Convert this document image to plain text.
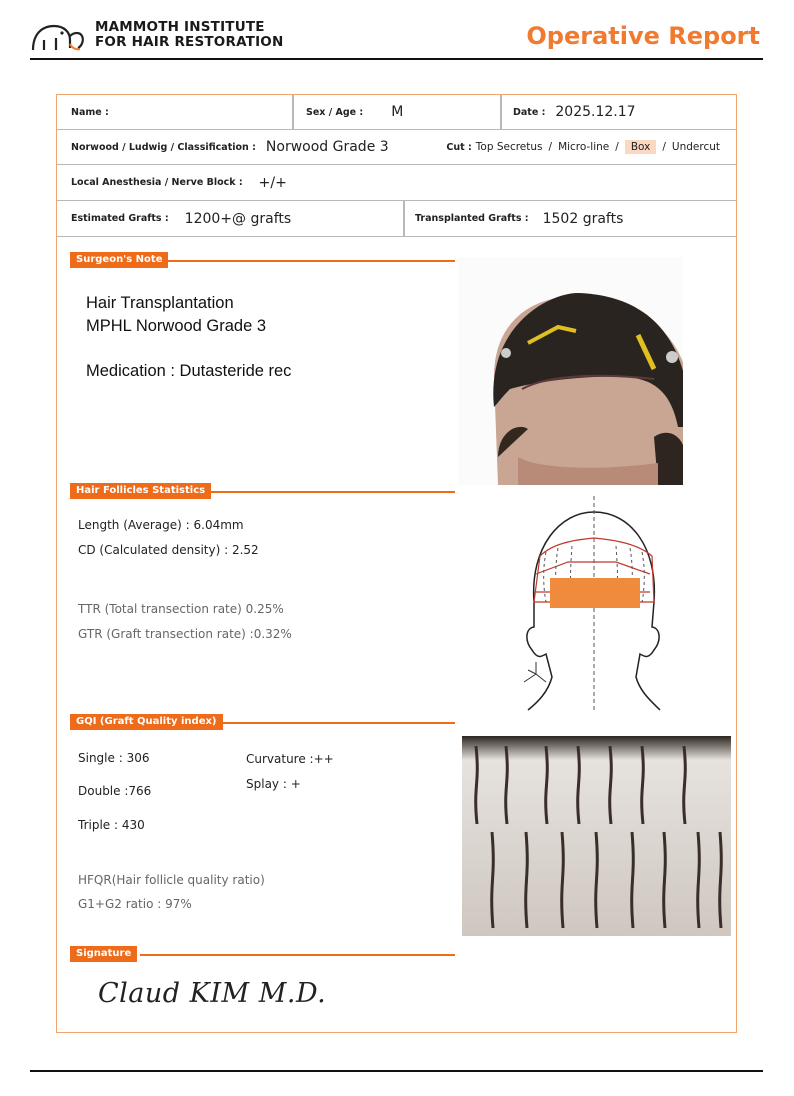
MAMMOTH INSTITUTE
FOR HAIR RESTORATION	Operative Report
Name :	Sex / Age : M	Date : 2025.12.17
Norwood / Ludwig / Classification : Norwood Grade 3	Cut : Top Secretus / Micro-line /	Box	/ Undercut
Local Anesthesia / Nerve Block : +/+
Estimated Grafts : 1200+@ grafts	Transplanted Grafts : 1502 grafts
Surgeon's Note
Hair Transplantation
MPHL Norwood Grade 3
Medication : Dutasteride rec
Hair Follicles Statistics
Length (Average) : 6.04mm
CD (Calculated density) : 2.52
TTR (Total transection rate) 0.25%
GTR (Graft transection rate) :0.32%
GQI (Graft Quality index)
Single : 306
Double :766
Triple : 430
Curvature :++
Splay : +
HFQR(Hair follicle quality ratio)
G1+G2 ratio : 97%
Signature
Claud KIM M.D.
